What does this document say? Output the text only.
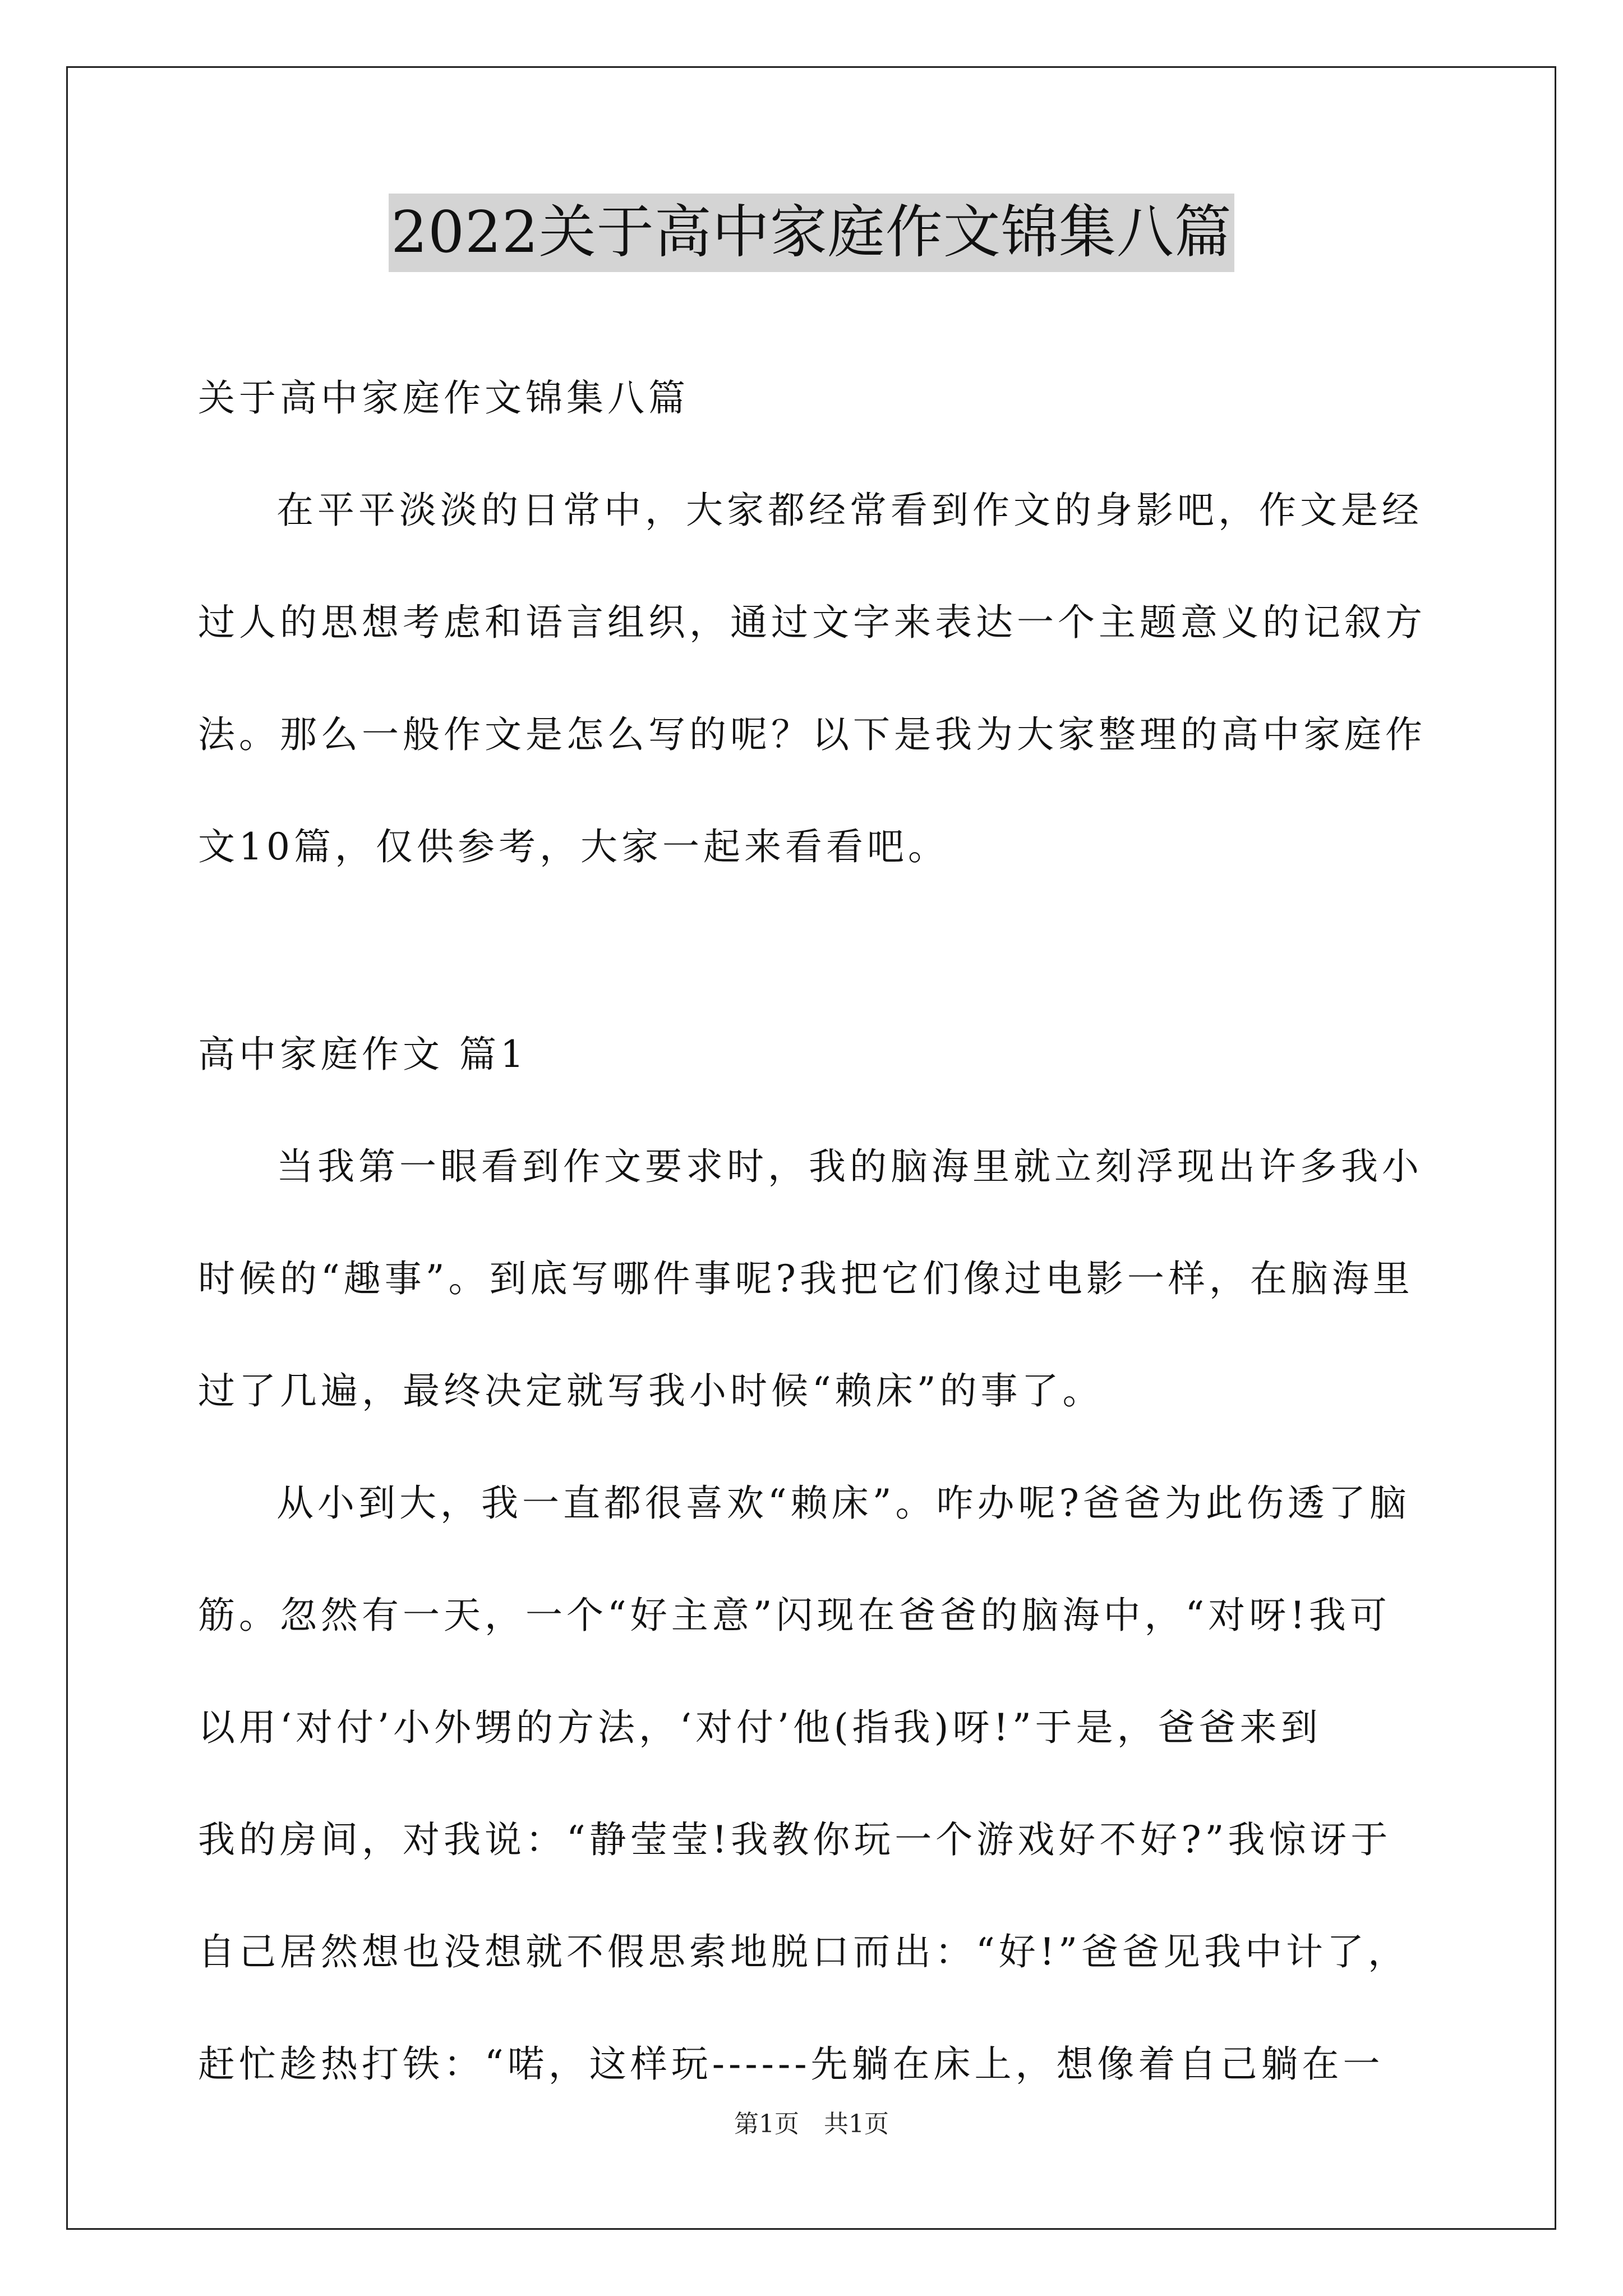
2022关于高中家庭作文锦集八篇
关于高中家庭作文锦集八篇
在平平淡淡的日常中，大家都经常看到作文的身影吧，作文是经
过人的思想考虑和语言组织，通过文字来表达一个主题意义的记叙方
法。那么一般作文是怎么写的呢？以下是我为大家整理的高中家庭作
文10篇，仅供参考，大家一起来看看吧。
高中家庭作文 篇1
当我第一眼看到作文要求时，我的脑海里就立刻浮现出许多我小
时候的“趣事”。到底写哪件事呢?我把它们像过电影一样，在脑海里
过了几遍，最终决定就写我小时候“赖床”的事了。
从小到大，我一直都很喜欢“赖床”。咋办呢?爸爸为此伤透了脑
筋。忽然有一天，一个“好主意”闪现在爸爸的脑海中，“对呀!我可
以用‘对付’小外甥的方法，‘对付’他(指我)呀!”于是，爸爸来到
我的房间，对我说：“静莹莹!我教你玩一个游戏好不好?”我惊讶于
自己居然想也没想就不假思索地脱口而出：“好!”爸爸见我中计了，
赶忙趁热打铁：“喏，这样玩------先躺在床上，想像着自己躺在一
第1页　共1页
